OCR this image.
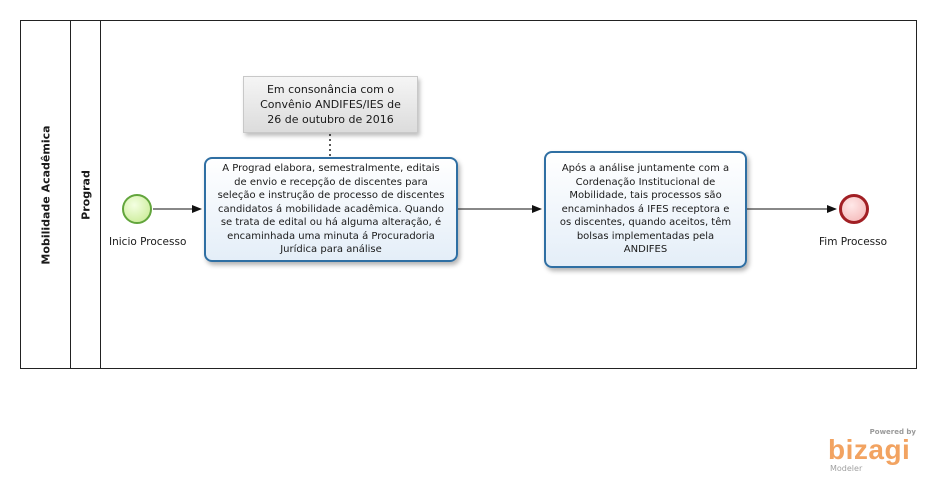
Mobilidade Acadêmica Prograd
Em consonância com o Convênio ANDIFES/IES de 26 de outubro de 2016
Inicio Processo
A Prograd elabora, semestralmente, editais de envio e recepção de discentes para seleção e instrução de processo de discentes candidatos á mobilidade acadêmica. Quando se trata de edital ou há alguma alteração, é encaminhada uma minuta á Procuradoria Jurídica para análise
Após a análise juntamente com a Cordenação Institucional de Mobilidade, tais processos são encaminhados á IFES receptora e os discentes, quando aceitos, têm bolsas implementadas pela ANDIFES
Fim Processo
Powered by
bizagi
Modeler
